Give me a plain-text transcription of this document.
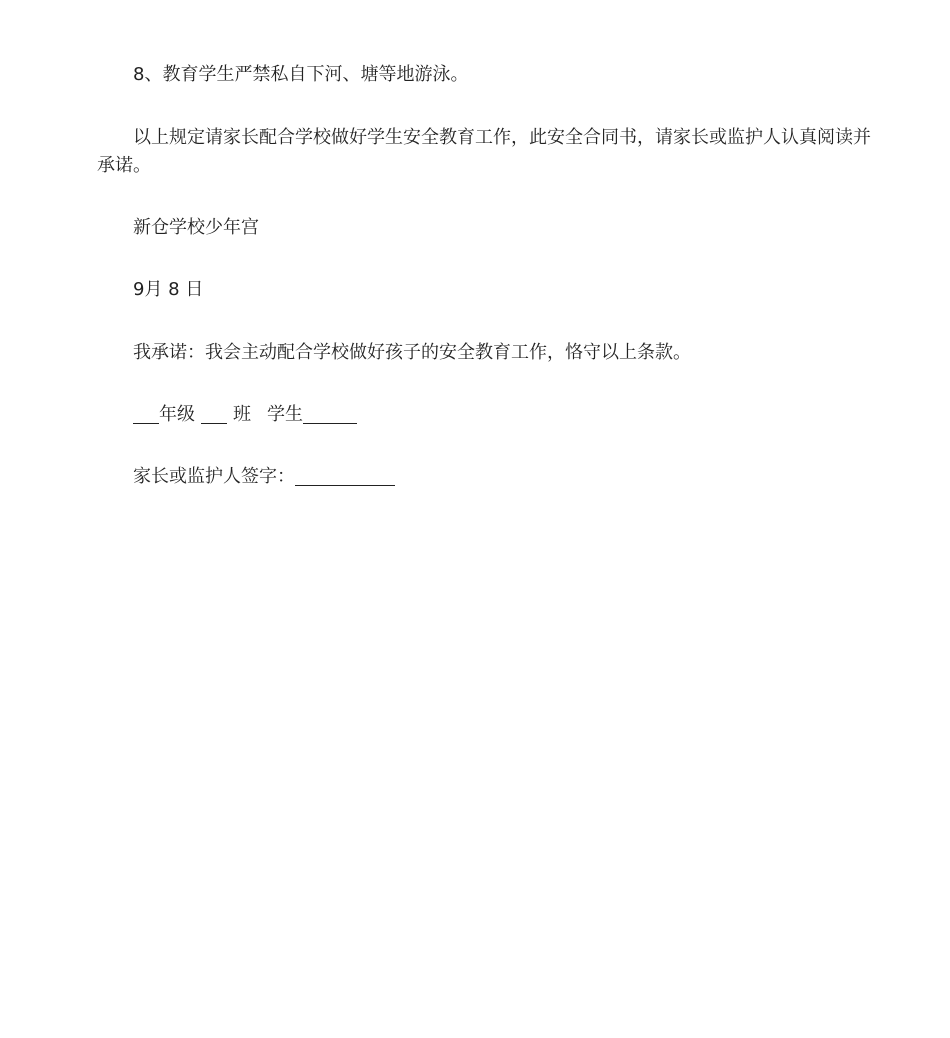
8、教育学生严禁私自下河、塘等地游泳。

以上规定请家长配合学校做好学生安全教育工作，此安全合同书，请家长或监护人认真阅读并承诺。

新仓学校少年宫

9月 8 日

我承诺：我会主动配合学校做好孩子的安全教育工作，恪守以上条款。

年级 班 学生

家长或监护人签字：
